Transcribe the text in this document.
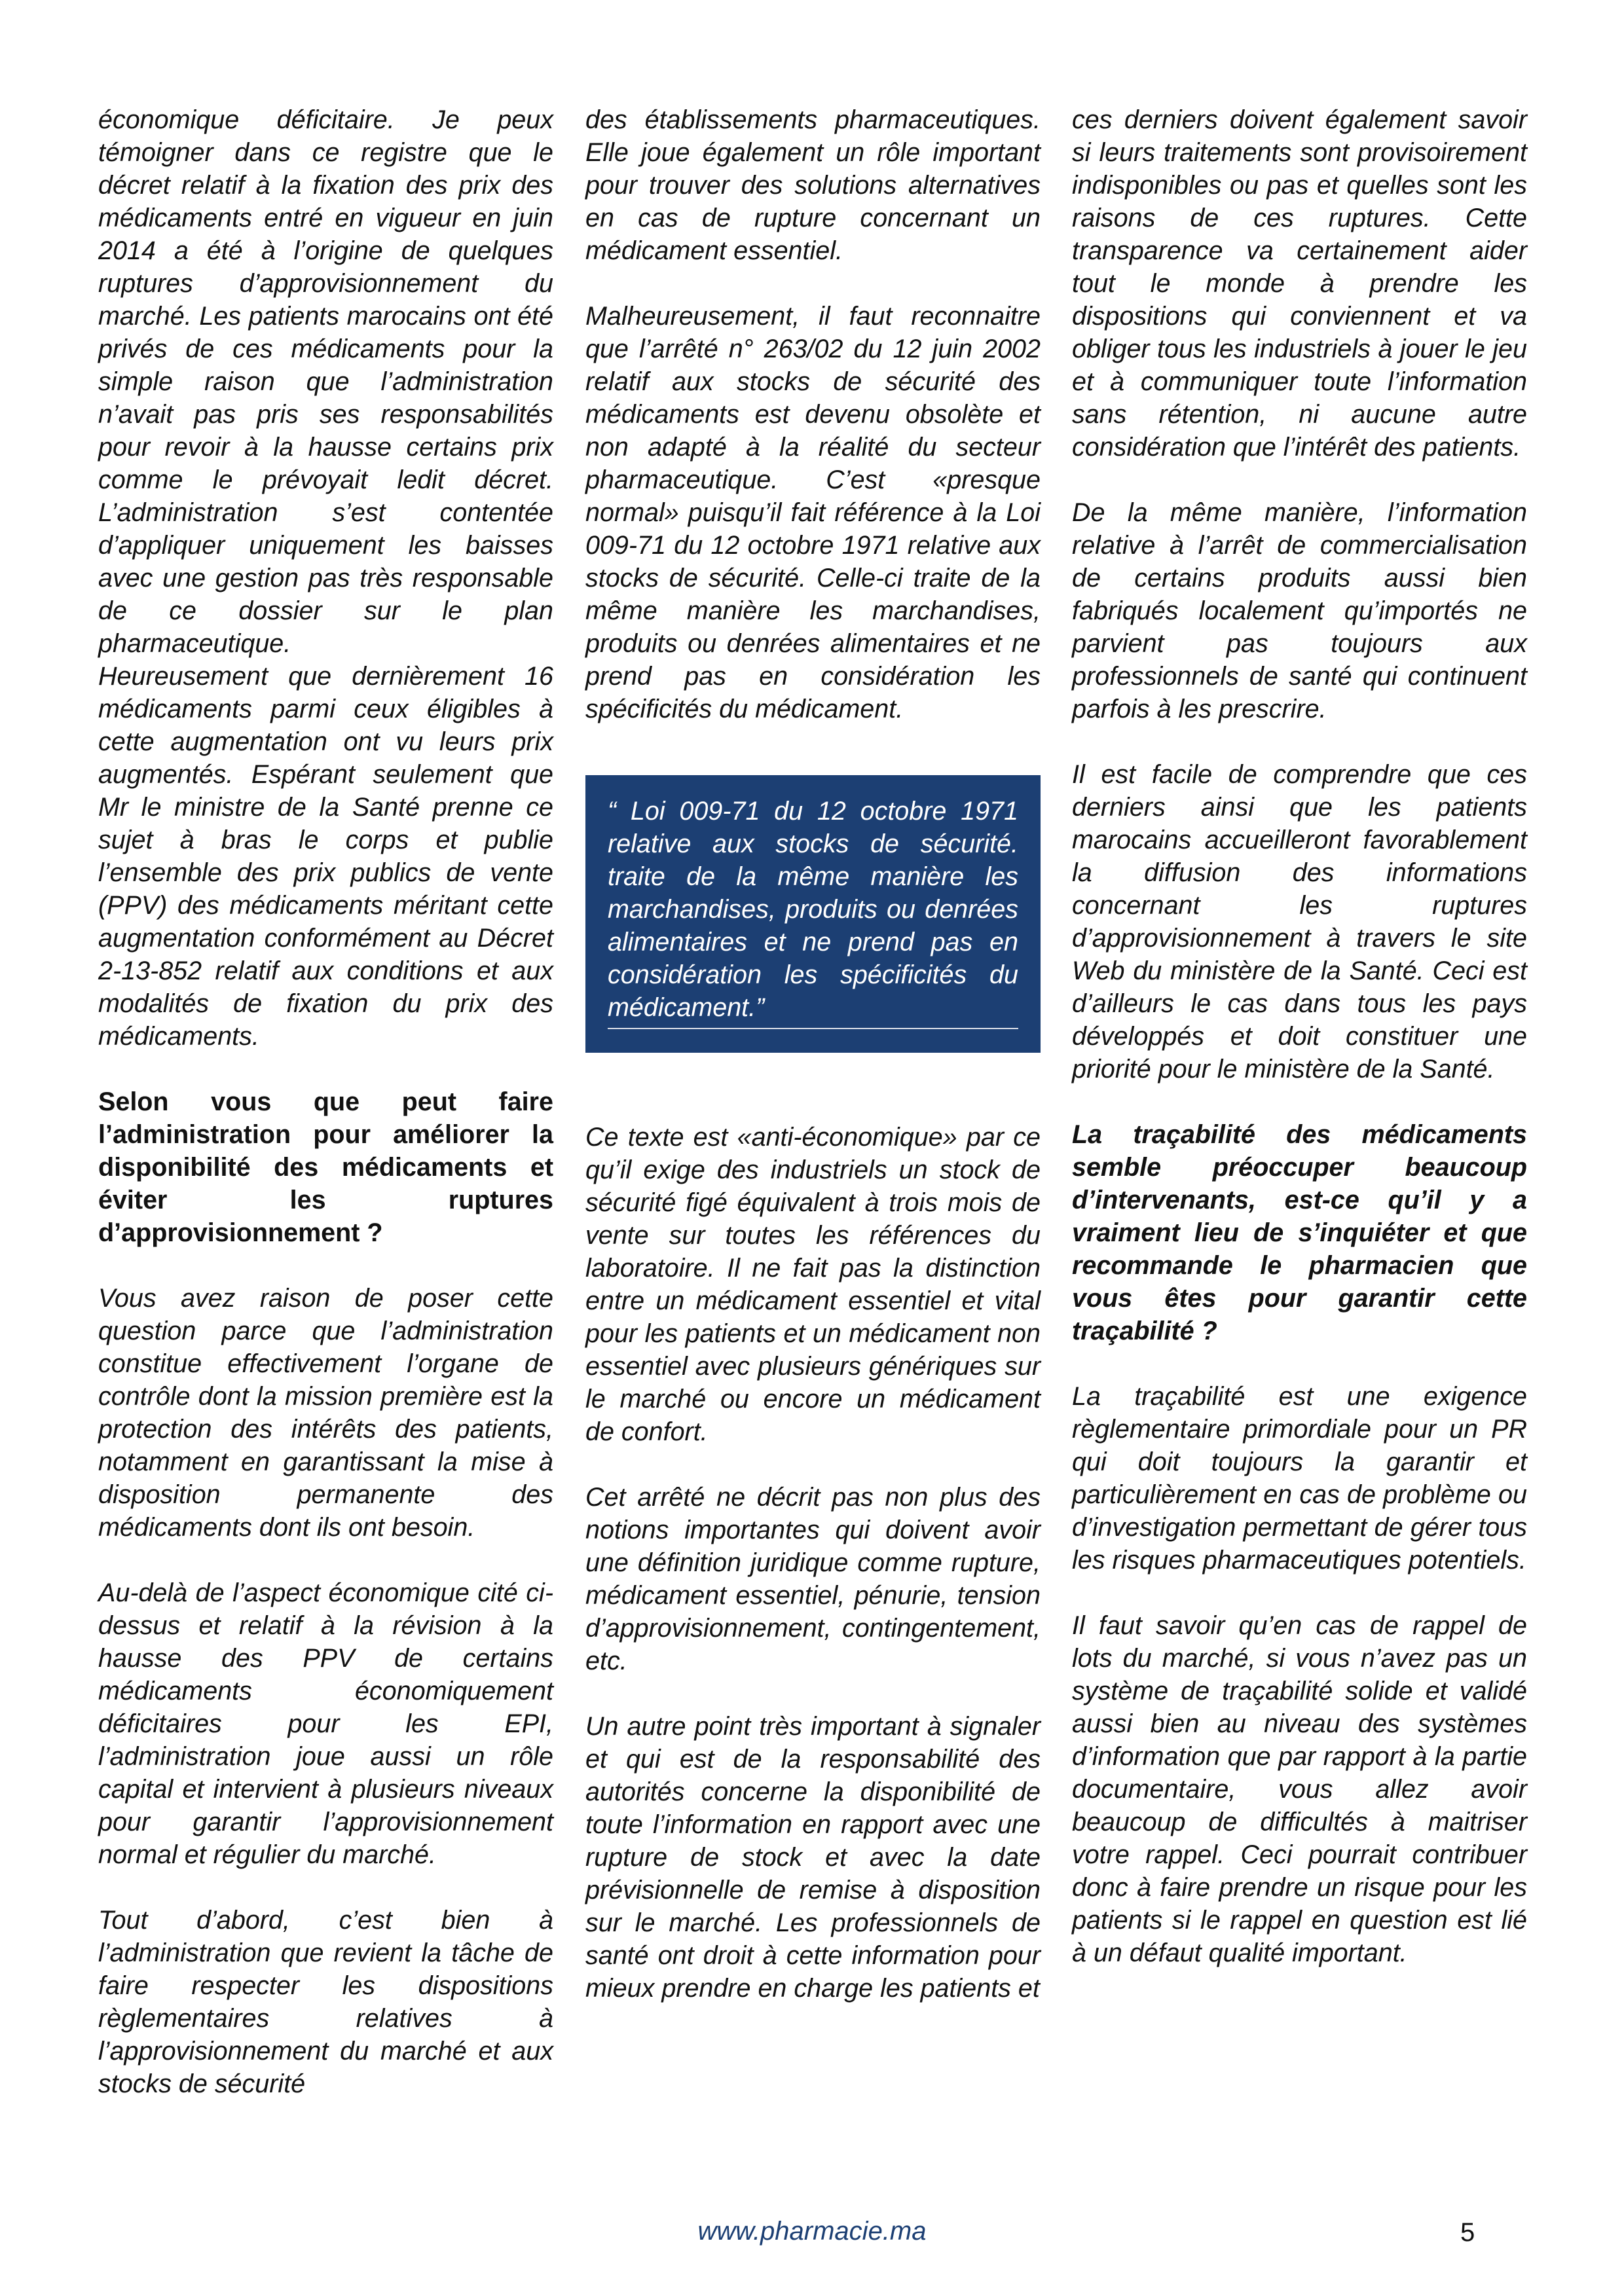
économique déficitaire. Je peux témoigner dans ce registre que le décret relatif à la fixation des prix des médicaments entré en vigueur en juin 2014 a été à l’origine de quelques ruptures d’approvisionnement du marché. Les patients marocains ont été privés de ces médicaments pour la simple raison que l’administration n’avait pas pris ses responsabilités pour revoir à la hausse certains prix comme le prévoyait ledit décret. L’administration s’est contentée d’appliquer uniquement les baisses avec une gestion pas très responsable de ce dossier sur le plan pharmaceutique.

Heureusement que dernièrement 16 médicaments parmi ceux éligibles à cette augmentation ont vu leurs prix augmentés. Espérant seulement que Mr le ministre de la Santé prenne ce sujet à bras le corps et publie l’ensemble des prix publics de vente (PPV) des médicaments méritant cette augmentation conformément au Décret 2-13-852 relatif aux conditions et aux modalités de fixation du prix des médicaments.

Selon vous que peut faire l’administration pour améliorer la disponibilité des médicaments et éviter les ruptures d’approvisionnement ?

Vous avez raison de poser cette question parce que l’administration constitue effectivement l’organe de contrôle dont la mission première est la protection des intérêts des patients, notamment en garantissant la mise à disposition permanente des médicaments dont ils ont besoin.

Au-delà de l’aspect économique cité ci-dessus et relatif à la révision à la hausse des PPV de certains médicaments économiquement déficitaires pour les EPI, l’administration joue aussi un rôle capital et intervient à plusieurs niveaux pour garantir l’approvisionnement normal et régulier du marché.

Tout d’abord, c’est bien à l’administration que revient la tâche de faire respecter les dispositions règlementaires relatives à l’approvisionnement du marché et aux stocks de sécurité

des établissements pharmaceutiques. Elle joue également un rôle important pour trouver des solutions alternatives en cas de rupture concernant un médicament essentiel.

Malheureusement, il faut reconnaitre que l’arrêté n° 263/02 du 12 juin 2002 relatif aux stocks de sécurité des médicaments est devenu obsolète et non adapté à la réalité du secteur pharmaceutique. C’est «presque normal» puisqu’il fait référence à la Loi 009-71 du 12 octobre 1971 relative aux stocks de sécurité. Celle-ci traite de la même manière les marchandises, produits ou denrées alimentaires et ne prend pas en considération les spécificités du médicament.

“ Loi 009-71 du 12 octobre 1971 relative aux stocks de sécurité. traite de la même manière les marchandises, produits ou denrées alimentaires et ne prend pas en considération les spécificités du médicament.”

Ce texte est «anti-économique» par ce qu’il exige des industriels un stock de sécurité figé équivalent à trois mois de vente sur toutes les références du laboratoire. Il ne fait pas la distinction entre un médicament essentiel et vital pour les patients et un médicament non essentiel avec plusieurs génériques sur le marché ou encore un médicament de confort.

Cet arrêté ne décrit pas non plus des notions importantes qui doivent avoir une définition juridique comme rupture, médicament essentiel, pénurie, tension d’approvisionnement, contingentement, etc.

Un autre point très important à signaler et qui est de la responsabilité des autorités concerne la disponibilité de toute l’information en rapport avec une rupture de stock et avec la date prévisionnelle de remise à disposition sur le marché. Les professionnels de santé ont droit à cette information pour mieux prendre en charge les patients et

ces derniers doivent également savoir si leurs traitements sont provisoirement indisponibles ou pas et quelles sont les raisons de ces ruptures. Cette transparence va certainement aider tout le monde à prendre les dispositions qui conviennent et va obliger tous les industriels à jouer le jeu et à communiquer toute l’information sans rétention, ni aucune autre considération que l’intérêt des patients.

De la même manière, l’information relative à l’arrêt de commercialisation de certains produits aussi bien fabriqués localement qu’importés ne parvient pas toujours aux professionnels de santé qui continuent parfois à les prescrire.

Il est facile de comprendre que ces derniers ainsi que les patients marocains accueilleront favorablement la diffusion des informations concernant les ruptures d’approvisionnement à travers le site Web du ministère de la Santé. Ceci est d’ailleurs le cas dans tous les pays développés et doit constituer une priorité pour le ministère de la Santé.

La traçabilité des médicaments semble préoccuper beaucoup d’intervenants, est-ce qu’il y a vraiment lieu de s’inquiéter et que recommande le pharmacien que vous êtes pour garantir cette traçabilité ?

La traçabilité est une exigence règlementaire primordiale pour un PR qui doit toujours la garantir et particulièrement en cas de problème ou d’investigation permettant de gérer tous les risques pharmaceutiques potentiels.

Il faut savoir qu’en cas de rappel de lots du marché, si vous n’avez pas un système de traçabilité solide et validé aussi bien au niveau des systèmes d’information que par rapport à la partie documentaire, vous allez avoir beaucoup de difficultés à maitriser votre rappel. Ceci pourrait contribuer donc à faire prendre un risque pour les patients si le rappel en question est lié à un défaut qualité important.

www.pharmacie.ma	5
